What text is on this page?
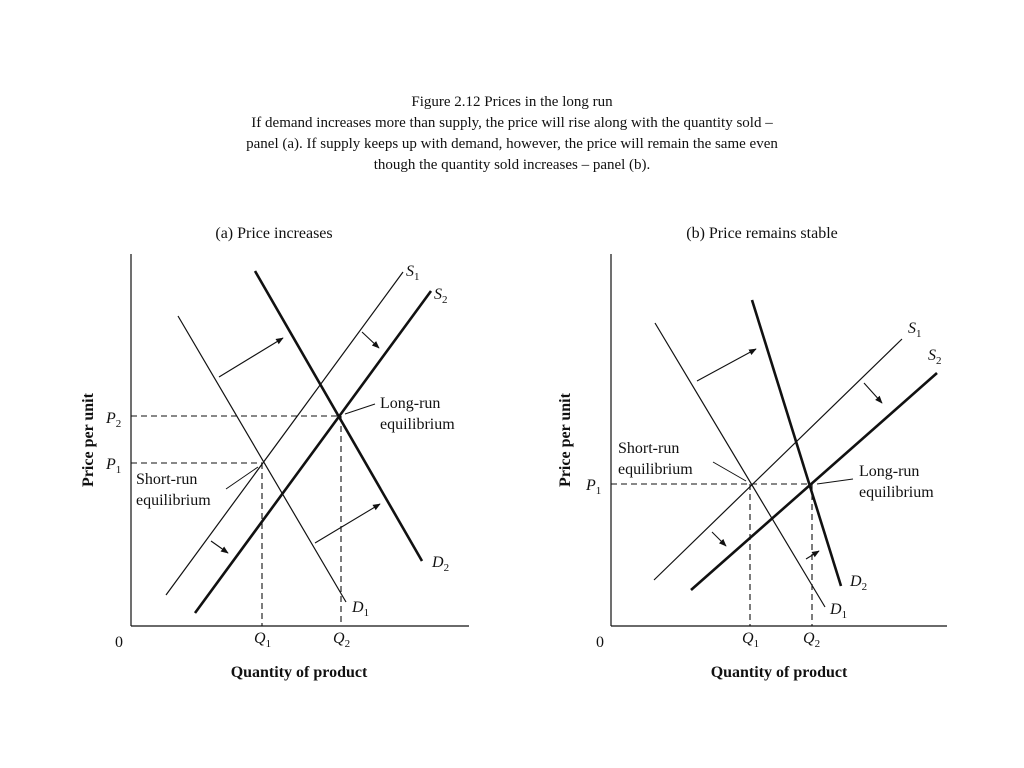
Figure 2.12 Prices in the long run
If demand increases more than supply, the price will rise along with the quantity sold –
panel (a). If supply keeps up with demand, however, the price will remain the same even
though the quantity sold increases – panel (b).
(a) Price increases
$S_1$
$S_2$
$D_2$
$D_1$
$P_2$
$P_1$
$Q_1$	$Q_2$
0
Short-run
equilibrium
Long-run
equilibrium
Quantity of product
Price per unit
(b) Price remains stable
$S_1$
$S_2$
$D_2$
$D_1$
$P_1$
$Q_1$	$Q_2$
0
Short-run
equilibrium	Long-run
equilibrium
Quantity of product
Price per unit
